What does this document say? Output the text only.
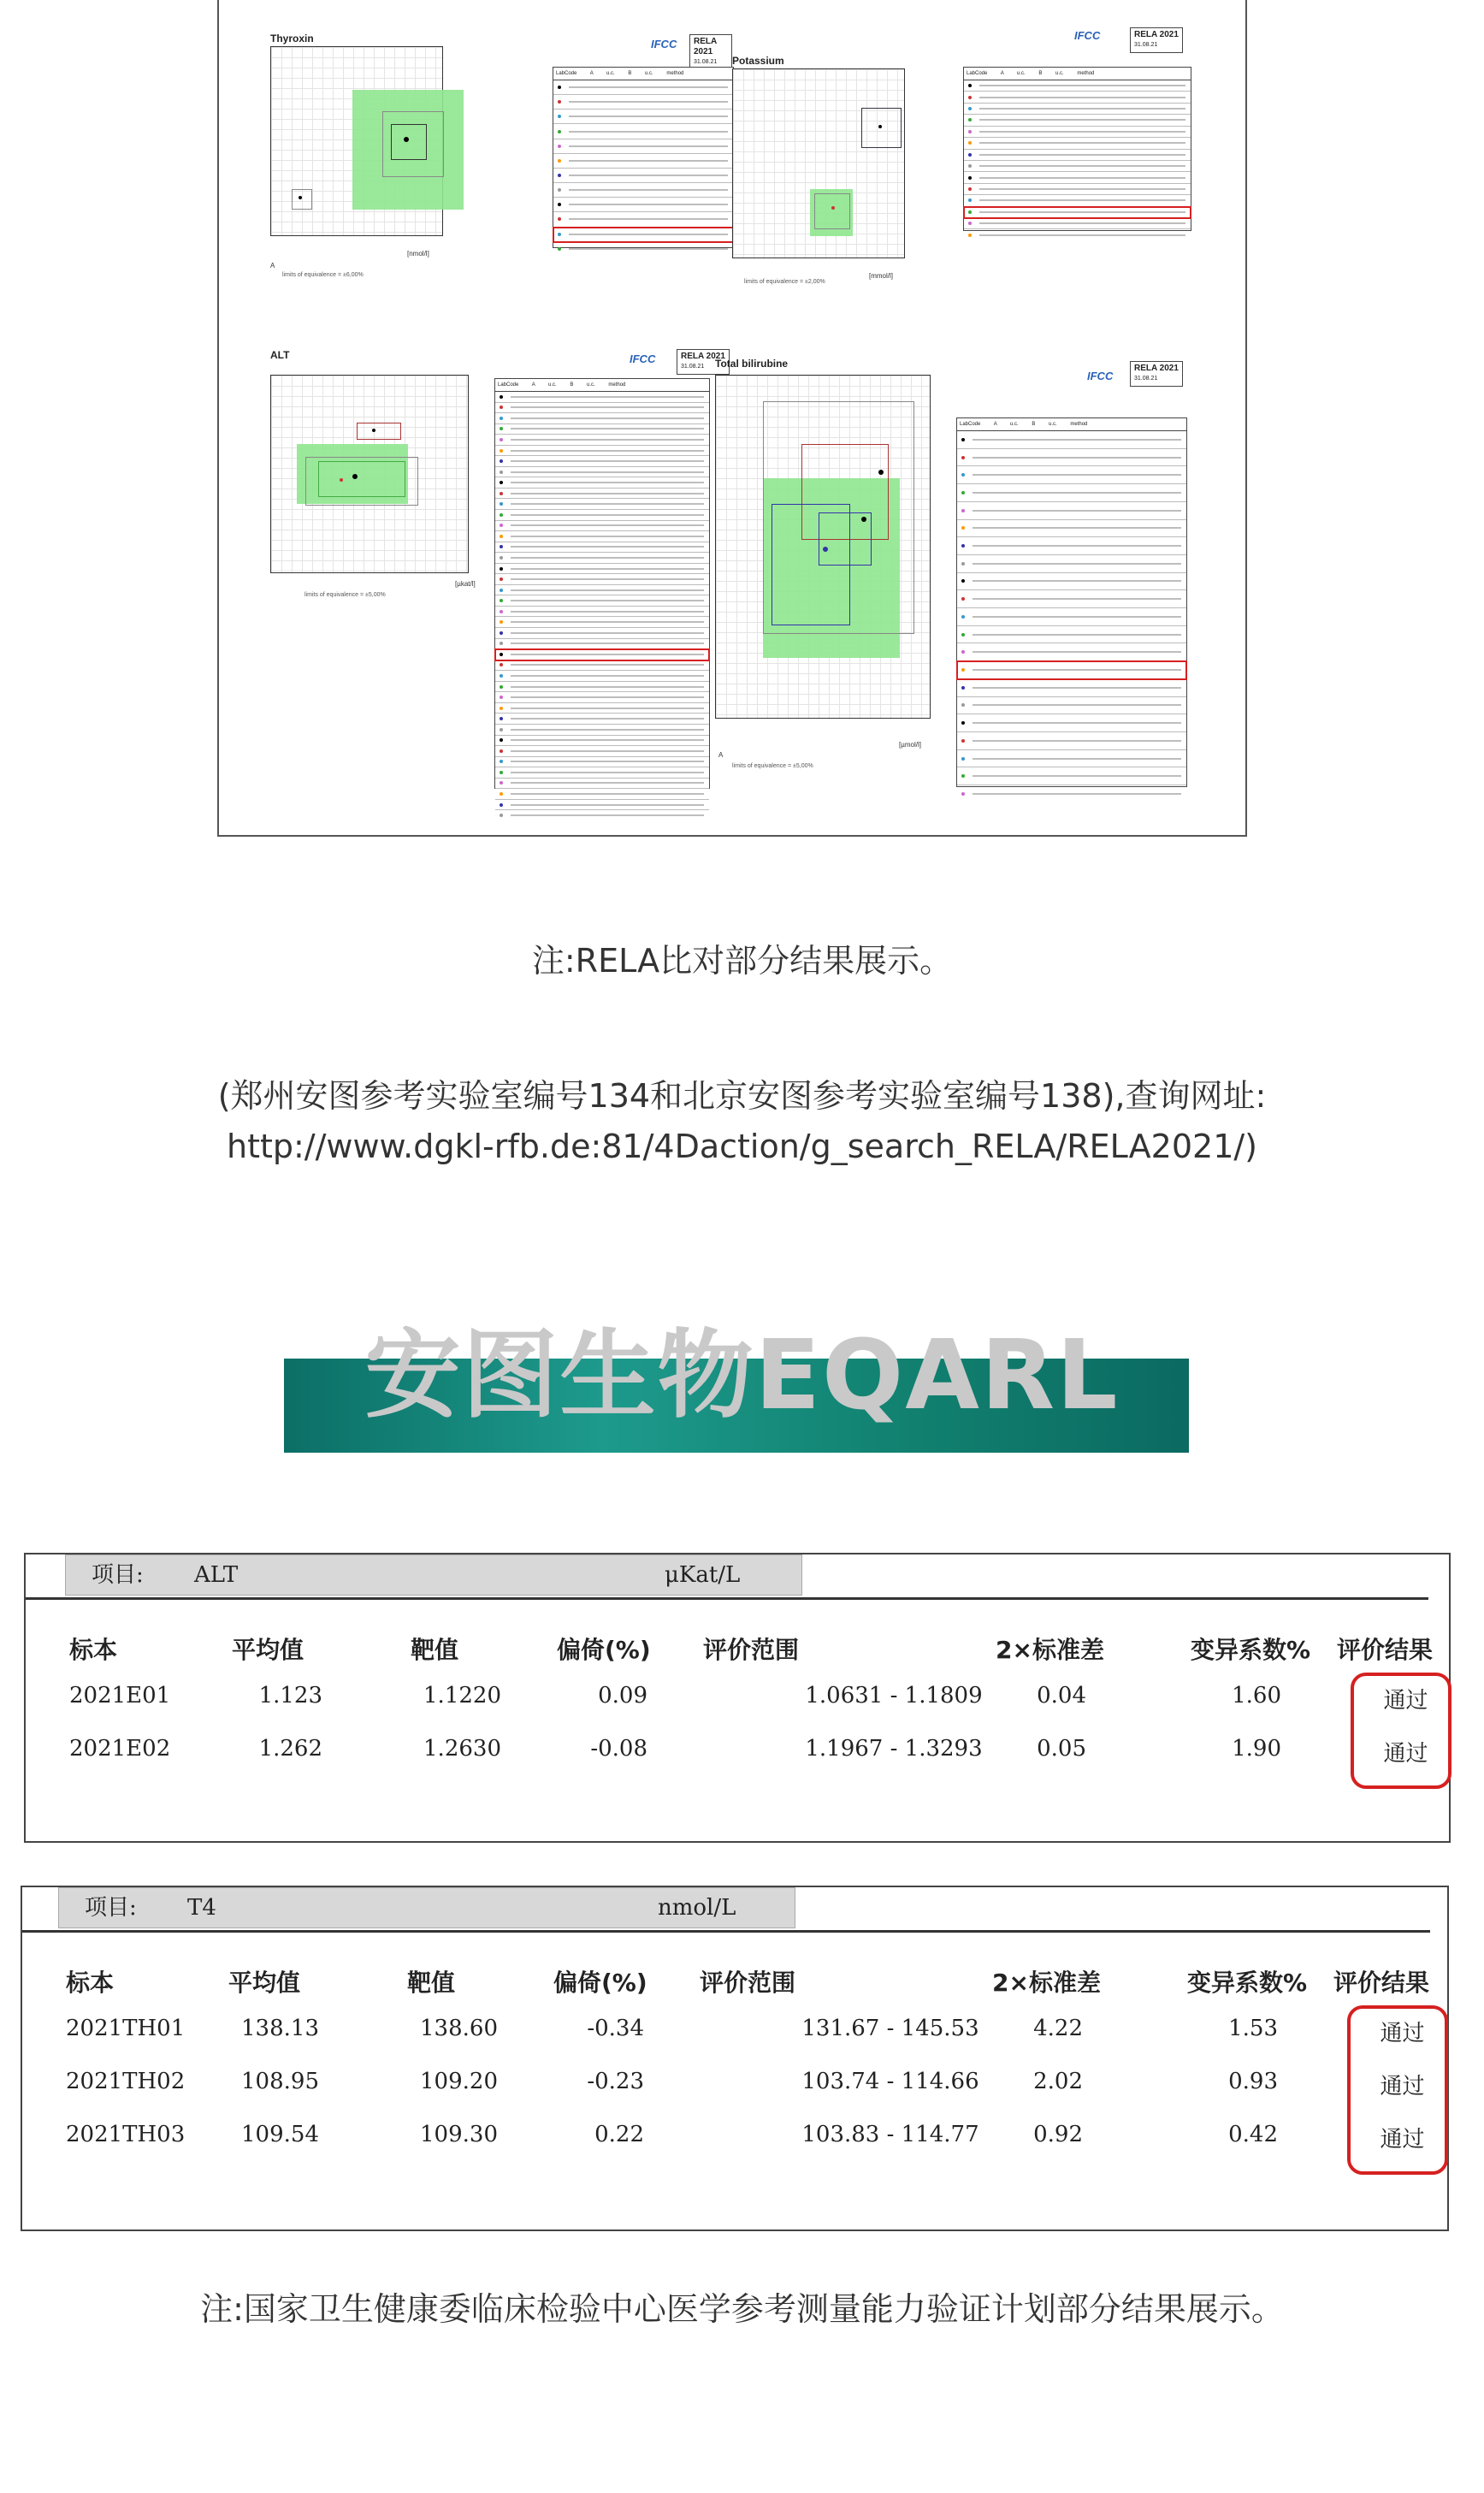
Thyroxin
[nmol/l]
A
limits of equivalence = ±6,00%
IFCC	RELA 2021
31.08.21
LabCode A u.c. B u.c. method
Potassium
[mmol/l]
limits of equivalence = ±2,00%
IFCC	RELA 2021
31.08.21
LabCode A u.c. B u.c. method
ALT
[µkat/l]
limits of equivalence = ±5,00%
IFCC	RELA 2021
31.08.21
LabCode A u.c. B u.c. method
Total bilirubine
[µmol/l]
A
limits of equivalence = ±5,00%
IFCC
RELA 2021
31.08.21
LabCode A u.c. B u.c. method
注:RELA比对部分结果展示。
(郑州安图参考实验室编号134和北京安图参考实验室编号138),查询网址:
http://www.dgkl-rfb.de:81/4Daction/g_search_RELA/RELA2021/)
安图生物EQARL
项目: ALT	μKat/L
标本	平均值	靶值	偏倚(%) 评价范围	2×标准差	变异系数% 评价结果
2021E01	1.123	1.1220	0.09	1.0631 - 1.1809	0.04	1.60	通过
2021E02	1.262	1.2630	-0.08	1.1967 - 1.3293	0.05	1.90	通过
项目: T4	nmol/L
标本	平均值	靶值	偏倚(%) 评价范围	2×标准差	变异系数% 评价结果
2021TH01	138.13	138.60	-0.34	131.67 - 145.53	4.22	1.53	通过
2021TH02	108.95	109.20	-0.23	103.74 - 114.66	2.02	0.93	通过
2021TH03	109.54	109.30	0.22	103.83 - 114.77	0.92	0.42	通过
注:国家卫生健康委临床检验中心医学参考测量能力验证计划部分结果展示。
